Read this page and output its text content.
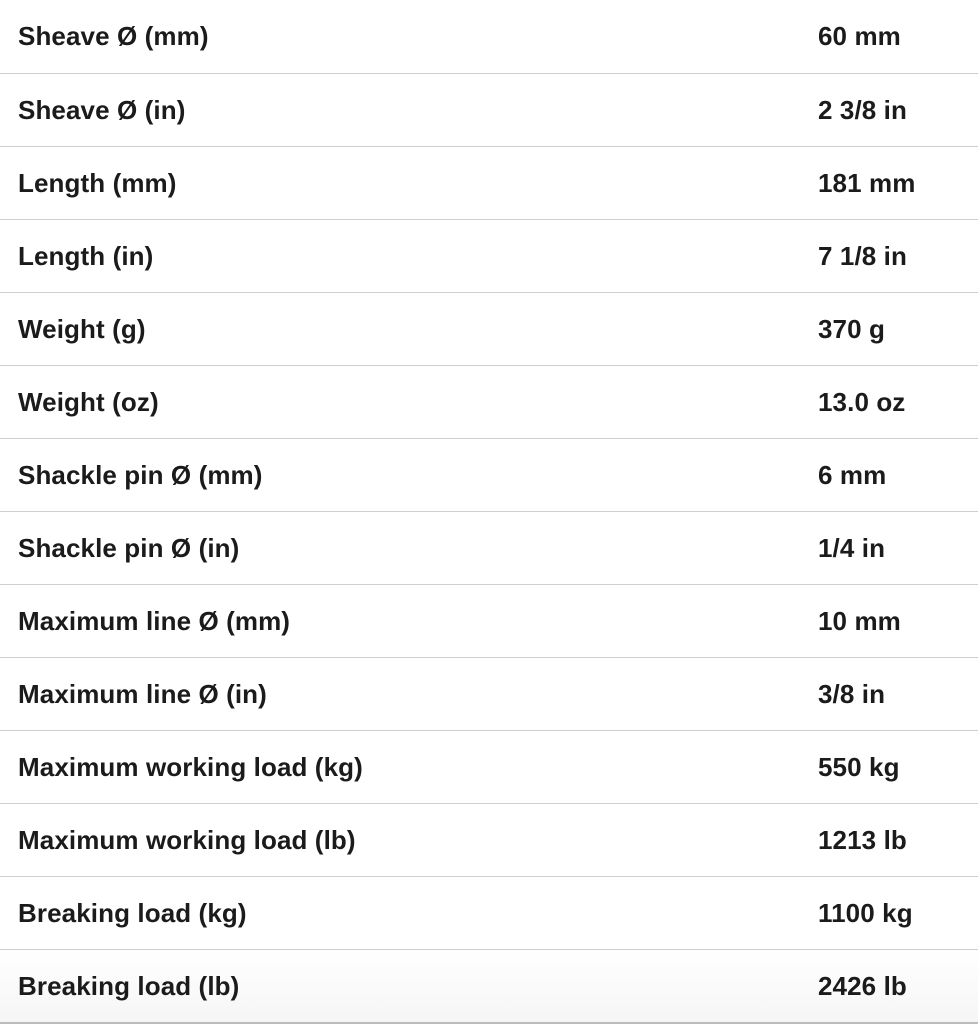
Sheave Ø (mm)	60 mm
Sheave Ø (in)	2 3/8 in
Length (mm)	181 mm
Length (in)	7 1/8 in
Weight (g)	370 g
Weight (oz)	13.0 oz
Shackle pin Ø (mm)	6 mm
Shackle pin Ø (in)	1/4 in
Maximum line Ø (mm)	10 mm
Maximum line Ø (in)	3/8 in
Maximum working load (kg)	550 kg
Maximum working load (lb)	1213 lb
Breaking load (kg)	1100 kg
Breaking load (lb)	2426 lb
